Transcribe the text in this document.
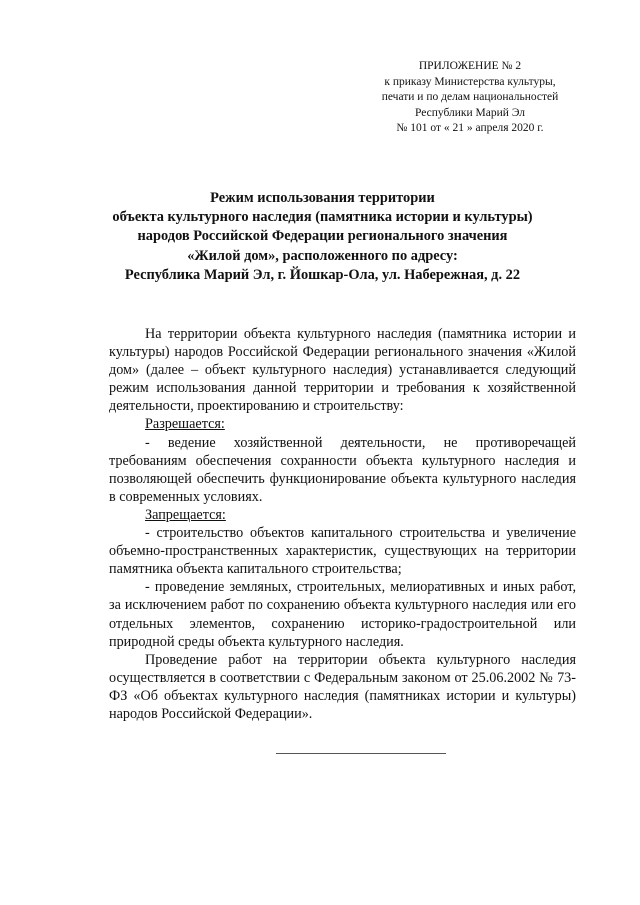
ПРИЛОЖЕНИЕ № 2
к приказу Министерства культуры,
печати и по делам национальностей
Республики Марий Эл
№ 101 от « 21 » апреля 2020 г.
Режим использования территории
объекта культурного наследия (памятника истории и культуры)
народов Российской Федерации регионального значения
«Жилой дом», расположенного по адресу:
Республика Марий Эл, г. Йошкар-Ола, ул. Набережная, д. 22

На территории объекта культурного наследия (памятника истории и культуры) народов Российской Федерации регионального значения «Жилой дом» (далее – объект культурного наследия) устанавливается следующий режим использования данной территории и требования к хозяйственной деятельности, проектированию и строительству:

Разрешается:

- ведение хозяйственной деятельности, не противоречащей требованиям обеспечения сохранности объекта культурного наследия и позволяющей обеспечить функционирование объекта культурного наследия в современных условиях.

Запрещается:

- строительство объектов капитального строительства и увеличение объемно-пространственных характеристик, существующих на территории памятника объекта капитального строительства;

- проведение земляных, строительных, мелиоративных и иных работ, за исключением работ по сохранению объекта культурного наследия или его отдельных элементов, сохранению историко-градостроительной или природной среды объекта культурного наследия.

Проведение работ на территории объекта культурного наследия осуществляется в соответствии с Федеральным законом от 25.06.2002 № 73-ФЗ «Об объектах культурного наследия (памятниках истории и культуры) народов Российской Федерации».
